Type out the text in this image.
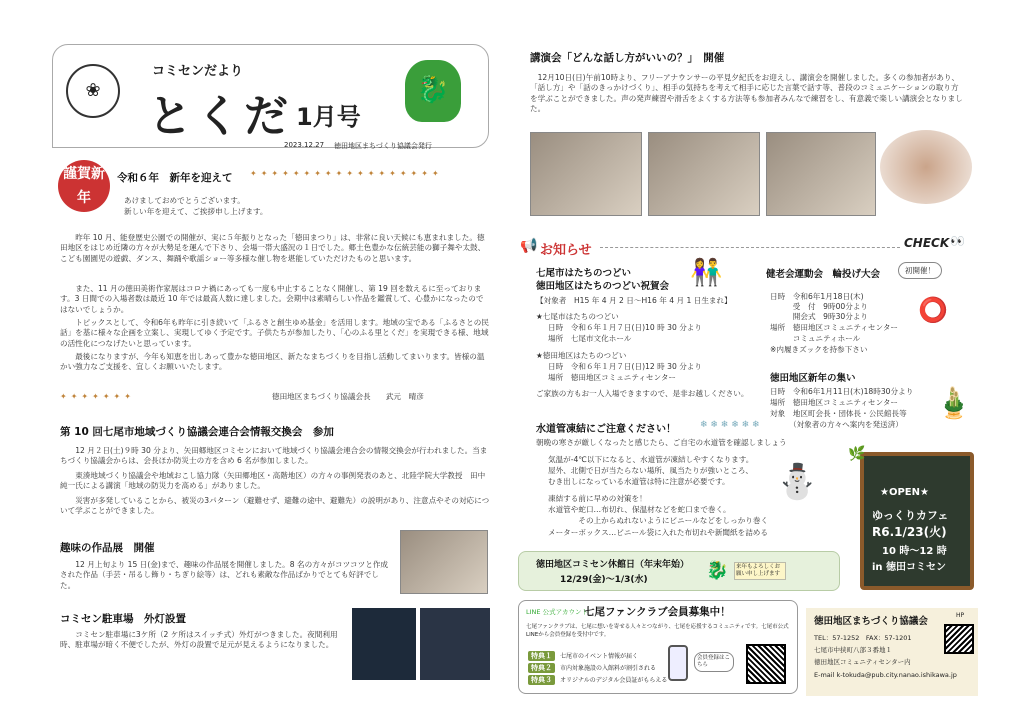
❀
コミセンだより
とくだ 1月号
🐉
2023.12.27 徳田地区まちづくり協議会発行
謹賀新年
令和６年　新年を迎えて ✦✦✦✦✦✦✦✦✦✦✦✦✦✦✦✦✦✦
あけましておめでとうございます。
新しい年を迎えて、ご挨拶申し上げます。
昨年 10 月、能登歴史公園での開催が、実に５年振りとなった「徳田まつり」は、非常に良い天候にも恵まれました。徳田地区をはじめ近隣の方々が大勢足を運んで下さり、会場一帯大盛況の１日でした。郷土色豊かな伝統芸能の獅子舞や太鼓、こども園園児の遊戯、ダンス、舞踊や歌謡ショー等多様な催し物を堪能していただけたものと思います。
また、11 月の徳田美術作家展はコロナ禍にあっても一度も中止することなく開催し、第 19 回を数えるに至っております。3 日間での入場者数は最近 10 年では最高人数に達しました。会期中は素晴らしい作品を鑑賞して、心豊かになったのではないでしょうか。
トピックスとして、令和6年も昨年に引き続いて「ふるさと創生ゆめ基金」を活用します。地域の宝である「ふるさとの民話」を基に様々な企画を立案し、実現してゆく予定です。子供たちが参加したり、「心のふる里とくだ」を実現できる様、地域の活性化につなげたいと思っています。
最後になりますが、今年も知恵を出しあって豊かな徳田地区、新たなまちづくりを目指し活動してまいります。皆様の温かい強力なご支援を、宜しくお願いいたします。
✦✦✦✦✦✦✦	徳田地区まちづくり協議会長　　武元　晴彦
第 10 回七尾市地域づくり協議会連合会情報交換会　参加
12 月２日(土)９時 30 分より、矢田郷地区コミセンにおいて地域づくり協議会連合会の情報交換会が行われました。当まちづくり協議会からは、会長ほか防災士の方を含め 6 名が参加しました。
東湊地域づくり協議会や地域おこし協力隊（矢田郷地区・高階地区）の方々の事例発表のあと、北陸学院大学教授　田中純一氏による講演「地域の防災力を高める」がありました。
災害が多発していることから、被災の3パターン（避難せず、避難の途中、避難先）の説明があり、注意点やその対応について学ぶことができました。
趣味の作品展　開催
12 月上旬より 15 日(金)まで、趣味の作品展を開催しました。8 名の方々がコツコツと作成された作品（手芸・吊るし飾り・ちぎり絵等）は、どれも素敵な作品ばかりでとても好評でした。
コミセン駐車場　外灯設置
コミセン駐車場に3ケ所（2 ケ所はスイッチ式）外灯がつきました。夜間利用時、駐車場が暗く不便でしたが、外灯の設置で足元が見えるようになりました。
講演会「どんな話し方がいいの？」　開催
12月10日(日)午前10時より、フリーアナウンサーの平見夕紀氏をお迎えし、講演会を開催しました。多くの参加者があり、「話し方」や「話のきっかけづくり」、相手の気持ちを考えて相手に応じた言葉で話す等、普段のコミュニケーションの取り方を学ぶことができました。声の発声練習や滑舌をよくする方法等も参加者みんなで練習をし、有意義で楽しい講演会となりました。
📢 お知らせ	CHECK 👀
七尾市はたちのつどい
徳田地区はたちのつどい祝賀会 👫
【対象者　H15 年 4 月 2 日～H16 年 4 月 1 日生まれ】
★七尾市はたちのつどい
日時　令和６年１月７日(日)10 時 30 分より
場所　七尾市文化ホール
★徳田地区はたちのつどい
日時　令和６年１月７日(日)12 時 30 分より
場所　徳田地区コミュニティセンター
ご家族の方もお一人入場できますので、是非お越しください。
健老会運動会　輪投げ大会	初開催！
日時　令和6年1月18日(木)
　　　受　付　9時00分より
　　　開会式　9時30分より
場所　徳田地区コミュニティセンター
　　　コミュニティホール
※内履きズックを持参下さい
⭕
徳田地区新年の集い
日時　令和6年1月11日(木)18時30分より
場所　徳田地区コミュニティセンター
対象　地区町会長・団体長・公民館長等
　　　（対象者の方々へ案内を発送済）
🎍
水道管凍結にご注意ください！	❄ ❄ ❄ ❄ ❄ ❄
朝晩の寒さが厳しくなったと感じたら、ご自宅の水道管を確認しましょう
気温が-4℃以下になると、水道管が凍結しやすくなります。
屋外、北側で日が当たらない場所、風当たりが強いところ、
むき出しになっている水道管は特に注意が必要です。
凍結する前に早めの対策を！
水道管や蛇口…布切れ、保温材などを蛇口まで巻く。
　　　　その上からぬれないようにビニールなどをしっかり巻く
メーターボックス…ビニール袋に入れた布切れや新聞紙を詰める
⛄
徳田地区コミセン休館日（年末年始）
12/29(金)～1/3(水)	🐉	来年もよろしくお願い申し上げます
🌿
★OPEN★
ゆっくりカフェ
R6.1/23(火)
10 時～12 時
in 徳田コミセン
LINE 公式アカウント
七尾ファンクラブ会員募集中！
七尾ファンクラブは、七尾に想いを寄せる人々とつながり、七尾を応援するコミュニティです。七尾市公式LINEから会員登録を受付中です。
特典１	七尾市のイベント情報が届く
特典２	市内対象施設の入館料が割引される
特典３	オリジナルのデジタル会員証がもらえる
会員登録はこちら
徳田地区まちづくり協議会
HP
TEL：57-1252　FAX：57-1201
七尾市中挟町八部３番地１
徳田地区コミュニティセンター内
E-mail k-tokuda@pub.city.nanao.ishikawa.jp
